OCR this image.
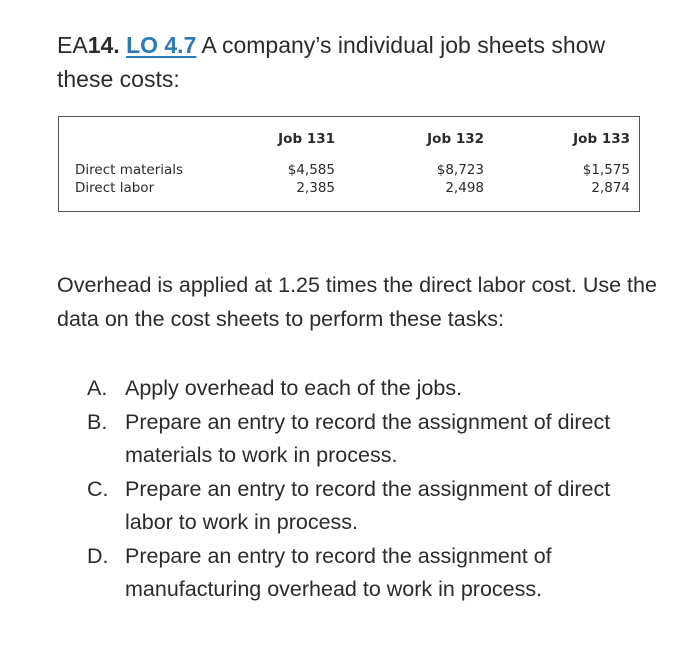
EA14. LO 4.7 A company’s individual job sheets show these costs:
	Job 131	Job 132	Job 133
Direct materials	$4,585	$8,723	$1,575
Direct labor	2,385	2,498	2,874

Overhead is applied at 1.25 times the direct labor cost. Use the data on the cost sheets to perform these tasks:

A. Apply overhead to each of the jobs.
B. Prepare an entry to record the assignment of direct materials to work in process.
C. Prepare an entry to record the assignment of direct labor to work in process.
D. Prepare an entry to record the assignment of manufacturing overhead to work in process.
